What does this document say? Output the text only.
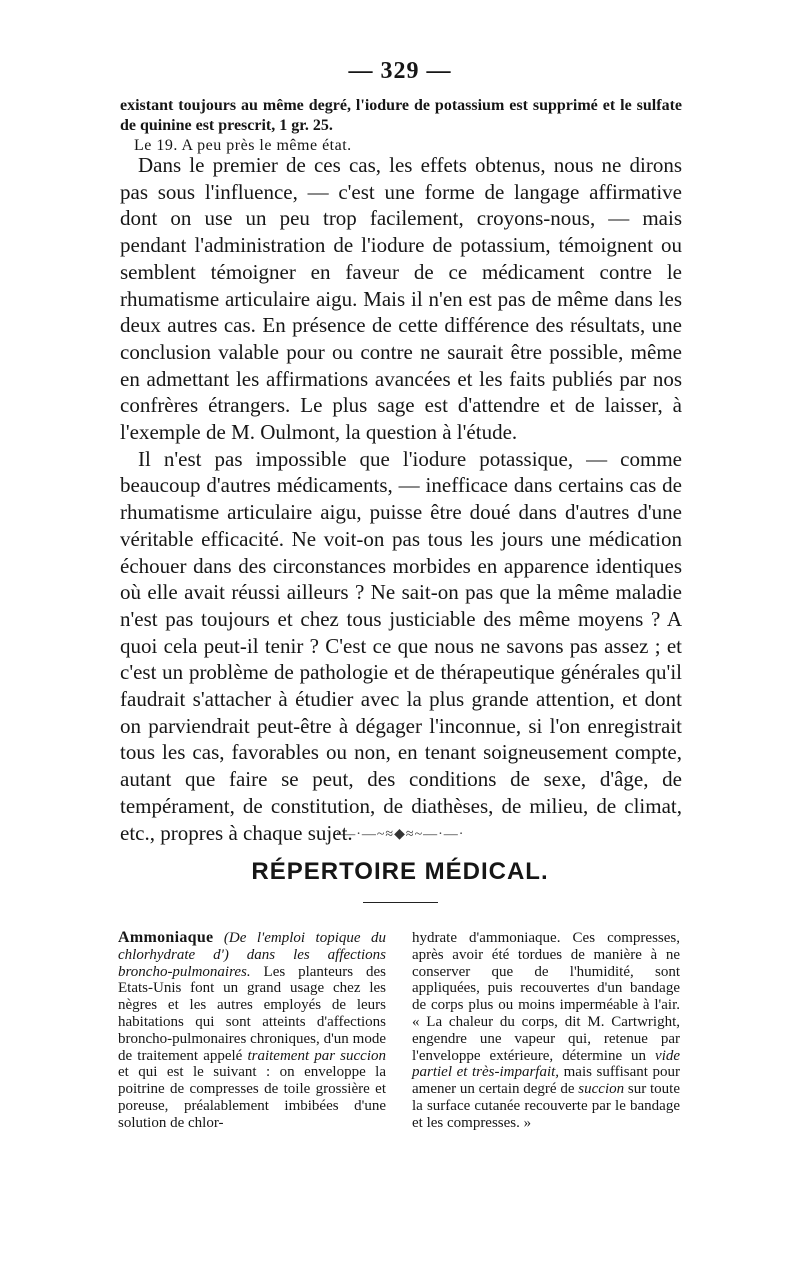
— 329 —

existant toujours au même degré, l'iodure de potassium est supprimé et le sulfate de quinine est prescrit, 1 gr. 25.

Le 19. A peu près le même état.

Dans le premier de ces cas, les effets obtenus, nous ne dirons pas sous l'influence, — c'est une forme de langage affirmative dont on use un peu trop facilement, croyons-nous, — mais pendant l'administration de l'iodure de potassium, témoignent ou semblent témoigner en faveur de ce médicament contre le rhumatisme articulaire aigu. Mais il n'en est pas de même dans les deux autres cas. En présence de cette différence des résultats, une conclusion valable pour ou contre ne saurait être possible, même en admettant les affirmations avancées et les faits publiés par nos confrères étrangers. Le plus sage est d'attendre et de laisser, à l'exemple de M. Oulmont, la question à l'étude.

Il n'est pas impossible que l'iodure potassique, — comme beaucoup d'autres médicaments, — inefficace dans certains cas de rhumatisme articulaire aigu, puisse être doué dans d'autres d'une véritable efficacité. Ne voit-on pas tous les jours une médication échouer dans des circonstances morbides en apparence identiques où elle avait réussi ailleurs ? Ne sait-on pas que la même maladie n'est pas toujours et chez tous justiciable des même moyens ? A quoi cela peut-il tenir ? C'est ce que nous ne savons pas assez ; et c'est un problème de pathologie et de thérapeutique générales qu'il faudrait s'attacher à étudier avec la plus grande attention, et dont on parviendrait peut-être à dégager l'inconnue, si l'on enregistrait tous les cas, favorables ou non, en tenant soigneusement compte, autant que faire se peut, des conditions de sexe, d'âge, de tempérament, de constitution, de diathèses, de milieu, de climat, etc., propres à chaque sujet.

·—·—~≈◆≈~—·—·
RÉPERTOIRE MÉDICAL.

Ammoniaque (De l'emploi topique du chlorhydrate d') dans les affections broncho-pulmonaires. Les planteurs des Etats-Unis font un grand usage chez les nègres et les autres employés de leurs habitations qui sont atteints d'affections broncho-pulmonaires chroniques, d'un mode de traitement appelé traitement par succion et qui est le suivant : on enveloppe la poitrine de compresses de toile grossière et poreuse, préalablement imbibées d'une solution de chlor-

hydrate d'ammoniaque. Ces compresses, après avoir été tordues de manière à ne conserver que de l'humidité, sont appliquées, puis recouvertes d'un bandage de corps plus ou moins imperméable à l'air. « La chaleur du corps, dit M. Cartwright, engendre une vapeur qui, retenue par l'enveloppe extérieure, détermine un vide partiel et très-imparfait, mais suffisant pour amener un certain degré de succion sur toute la surface cutanée recouverte par le bandage et les compresses. »
